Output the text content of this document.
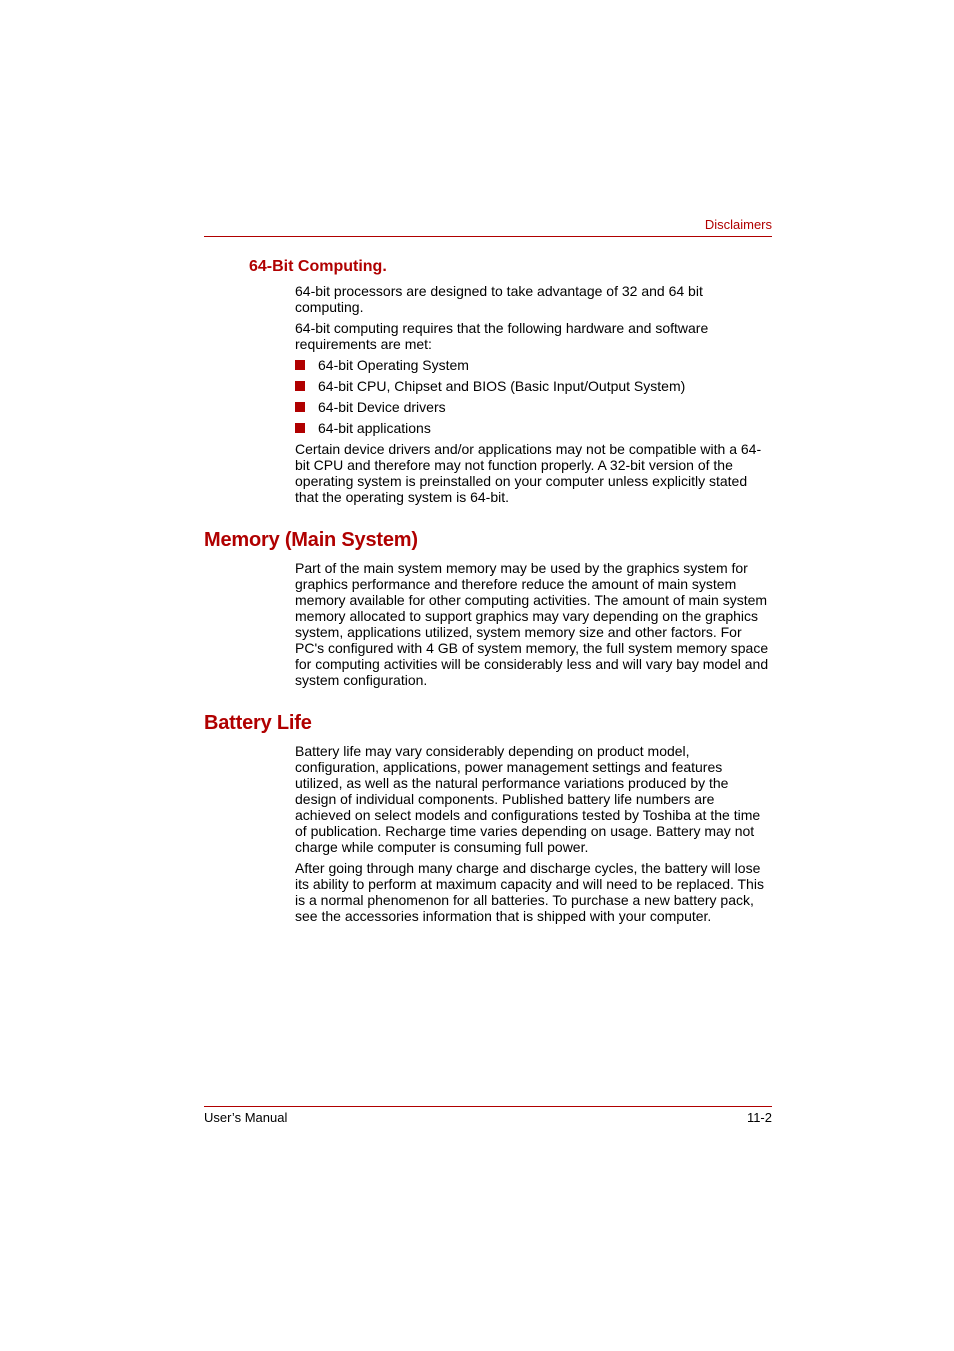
Disclaimers
64-Bit Computing.

64-bit processors are designed to take advantage of 32 and 64 bit computing.

64-bit computing requires that the following hardware and software requirements are met:

64-bit Operating System
64-bit CPU, Chipset and BIOS (Basic Input/Output System)
64-bit Device drivers
64-bit applications

Certain device drivers and/or applications may not be compatible with a 64-bit CPU and therefore may not function properly. A 32-bit version of the operating system is preinstalled on your computer unless explicitly stated that the operating system is 64-bit.

Memory (Main System)

Part of the main system memory may be used by the graphics system for graphics performance and therefore reduce the amount of main system memory available for other computing activities. The amount of main system memory allocated to support graphics may vary depending on the graphics system, applications utilized, system memory size and other factors. For PC's configured with 4 GB of system memory, the full system memory space for computing activities will be considerably less and will vary bay model and system configuration.

Battery Life

Battery life may vary considerably depending on product model, configuration, applications, power management settings and features utilized, as well as the natural performance variations produced by the design of individual components. Published battery life numbers are achieved on select models and configurations tested by Toshiba at the time of publication. Recharge time varies depending on usage. Battery may not charge while computer is consuming full power.

After going through many charge and discharge cycles, the battery will lose its ability to perform at maximum capacity and will need to be replaced. This is a normal phenomenon for all batteries. To purchase a new battery pack, see the accessories information that is shipped with your computer.

User’s Manual	11-2
